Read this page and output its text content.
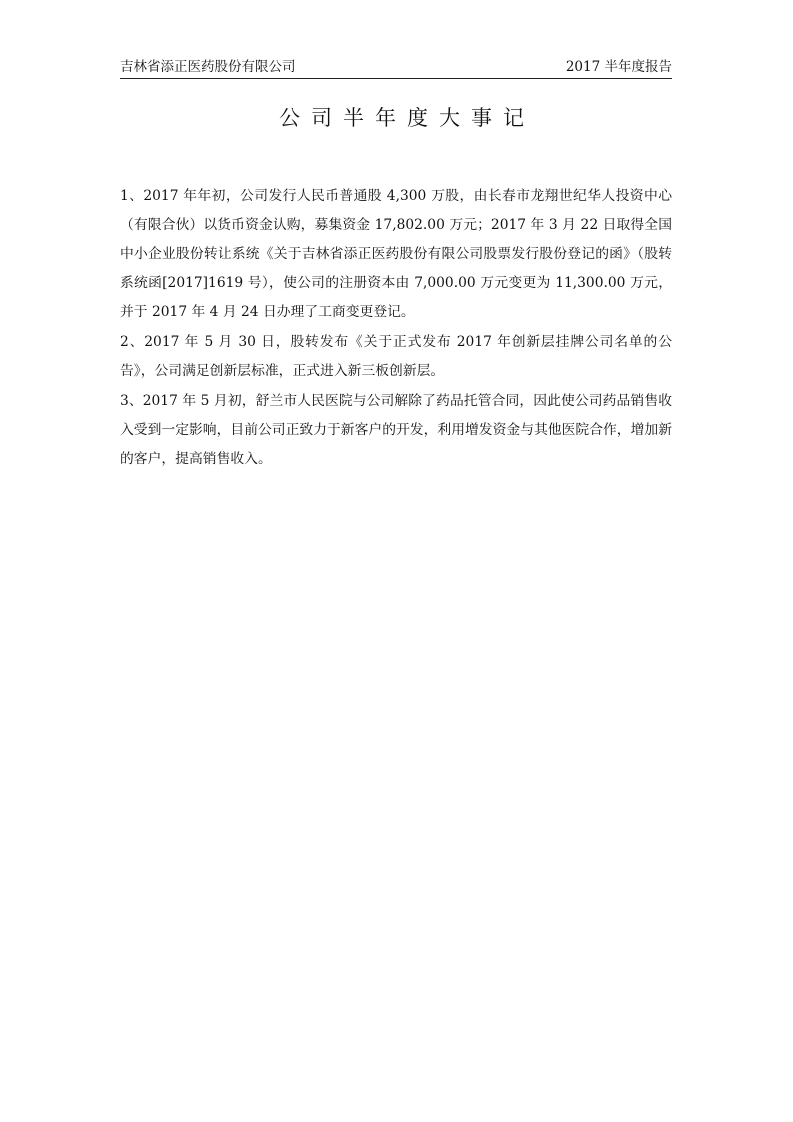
吉林省添正医药股份有限公司	2017 半年度报告
公司半年度大事记

1、2017 年年初，公司发行人民币普通股 4,300 万股，由长春市龙翔世纪华人投资中心（有限合伙）以货币资金认购，募集资金 17,802.00 万元；2017 年 3 月 22 日取得全国中小企业股份转让系统《关于吉林省添正医药股份有限公司股票发行股份登记的函》（股转系统函[2017]1619 号），使公司的注册资本由 7,000.00 万元变更为 11,300.00 万元，并于 2017 年 4 月 24 日办理了工商变更登记。

2、2017 年 5 月 30 日，股转发布《关于正式发布 2017 年创新层挂牌公司名单的公告》，公司满足创新层标准，正式进入新三板创新层。

3、2017 年 5 月初，舒兰市人民医院与公司解除了药品托管合同，因此使公司药品销售收入受到一定影响，目前公司正致力于新客户的开发，利用增发资金与其他医院合作，增加新的客户，提高销售收入。
